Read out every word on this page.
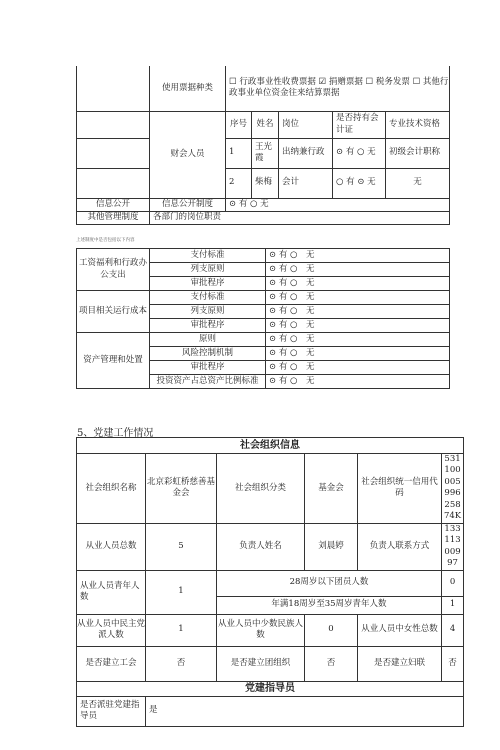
	使用票据种类	☐ 行政事业性收费票据 ☑ 捐赠票据 ☐ 税务发票 ☐ 其他行政事业单位资金往来结算票据				
	财会人员	序号	姓名	岗位	是否持有会计证	专业技术资格
		1	王光霞	出纳兼行政	⊙ 有 ○ 无	初级会计职称
		2	柴梅	会计	○ 有 ⊙ 无	无
信息公开	信息公开制度	⊙ 有 ○ 无				
其他管理制度	各部门的岗位职责					
上述制度中是否包括以下内容
工资福利和行政办公支出	支付标准	⊙ 有 ○　无
	列支原则	⊙ 有 ○　无
	审批程序	⊙ 有 ○　无
项目相关运行成本	支付标准	⊙ 有 ○　无
	列支原则	⊙ 有 ○　无
	审批程序	⊙ 有 ○　无
资产管理和处置	原则	⊙ 有 ○　无
	风险控制机制	⊙ 有 ○　无
	审批程序	⊙ 有 ○　无
	投资资产占总资产比例标准	⊙ 有 ○　无
5、党建工作情况
社会组织信息					
社会组织名称	北京彩虹桥慈善基金会	社会组织分类	基金会	社会组织统一信用代码	53110000599625874K
从业人员总数	5	负责人姓名	刘晨婷	负责人联系方式	13311300997
从业人员青年人数	1	28周岁以下团员人数			0
		年满18周岁至35周岁青年人数			1
从业人员中民主党派人数	1	从业人员中少数民族人数	0	从业人员中女性总数	4
是否建立工会	否	是否建立团组织	否	是否建立妇联	否
党建指导员					
是否派驻党建指导员	是				
